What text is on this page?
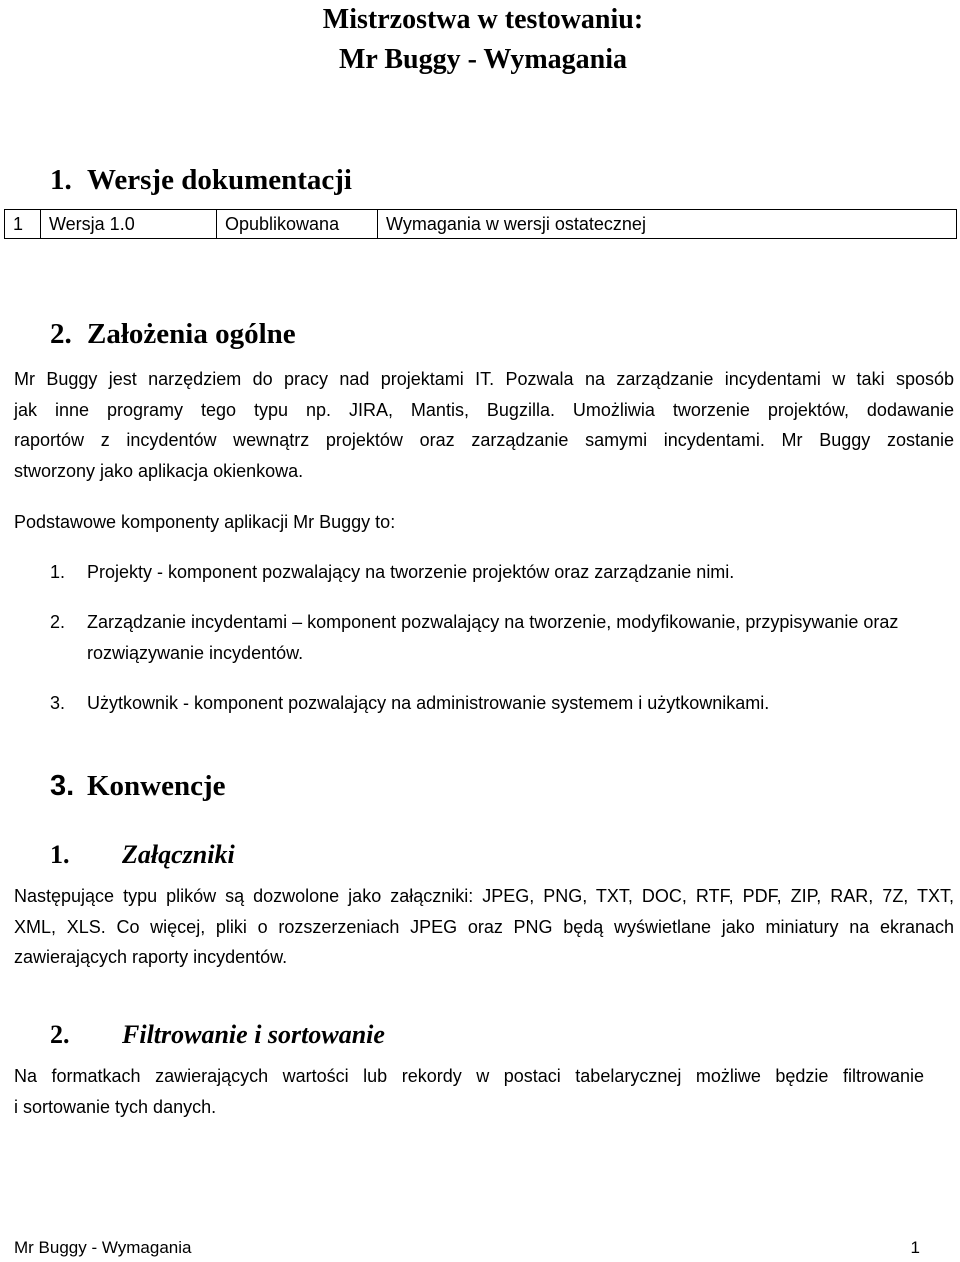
Mistrzostwa w testowaniu:
Mr Buggy - Wymagania
1. Wersje dokumentacji
1	Wersja 1.0	Opublikowana	Wymagania w wersji ostatecznej
2. Założenia ogólne
Mr Buggy jest narzędziem do pracy nad projektami IT. Pozwala na zarządzanie incydentami w taki sposób
jak inne programy tego typu np. JIRA, Mantis, Bugzilla. Umożliwia tworzenie projektów, dodawanie
raportów z incydentów wewnątrz projektów oraz zarządzanie samymi incydentami. Mr Buggy zostanie
stworzony jako aplikacja okienkowa.
Podstawowe komponenty aplikacji Mr Buggy to:
1. Projekty - komponent pozwalający na tworzenie projektów oraz zarządzanie nimi.
2. Zarządzanie incydentami – komponent pozwalający na tworzenie, modyfikowanie, przypisywanie oraz rozwiązywanie incydentów.
3. Użytkownik - komponent pozwalający na administrowanie systemem i użytkownikami.
3. Konwencje
1. Załączniki
Następujące typu plików są dozwolone jako załączniki: JPEG, PNG, TXT, DOC, RTF, PDF, ZIP, RAR, 7Z, TXT,
XML, XLS. Co więcej, pliki o rozszerzeniach JPEG oraz PNG będą wyświetlane jako miniatury na ekranach
zawierających raporty incydentów.
2. Filtrowanie i sortowanie
Na formatkach zawierających wartości lub rekordy w postaci tabelarycznej możliwe będzie filtrowanie
i sortowanie tych danych.
Mr Buggy - Wymagania	1
